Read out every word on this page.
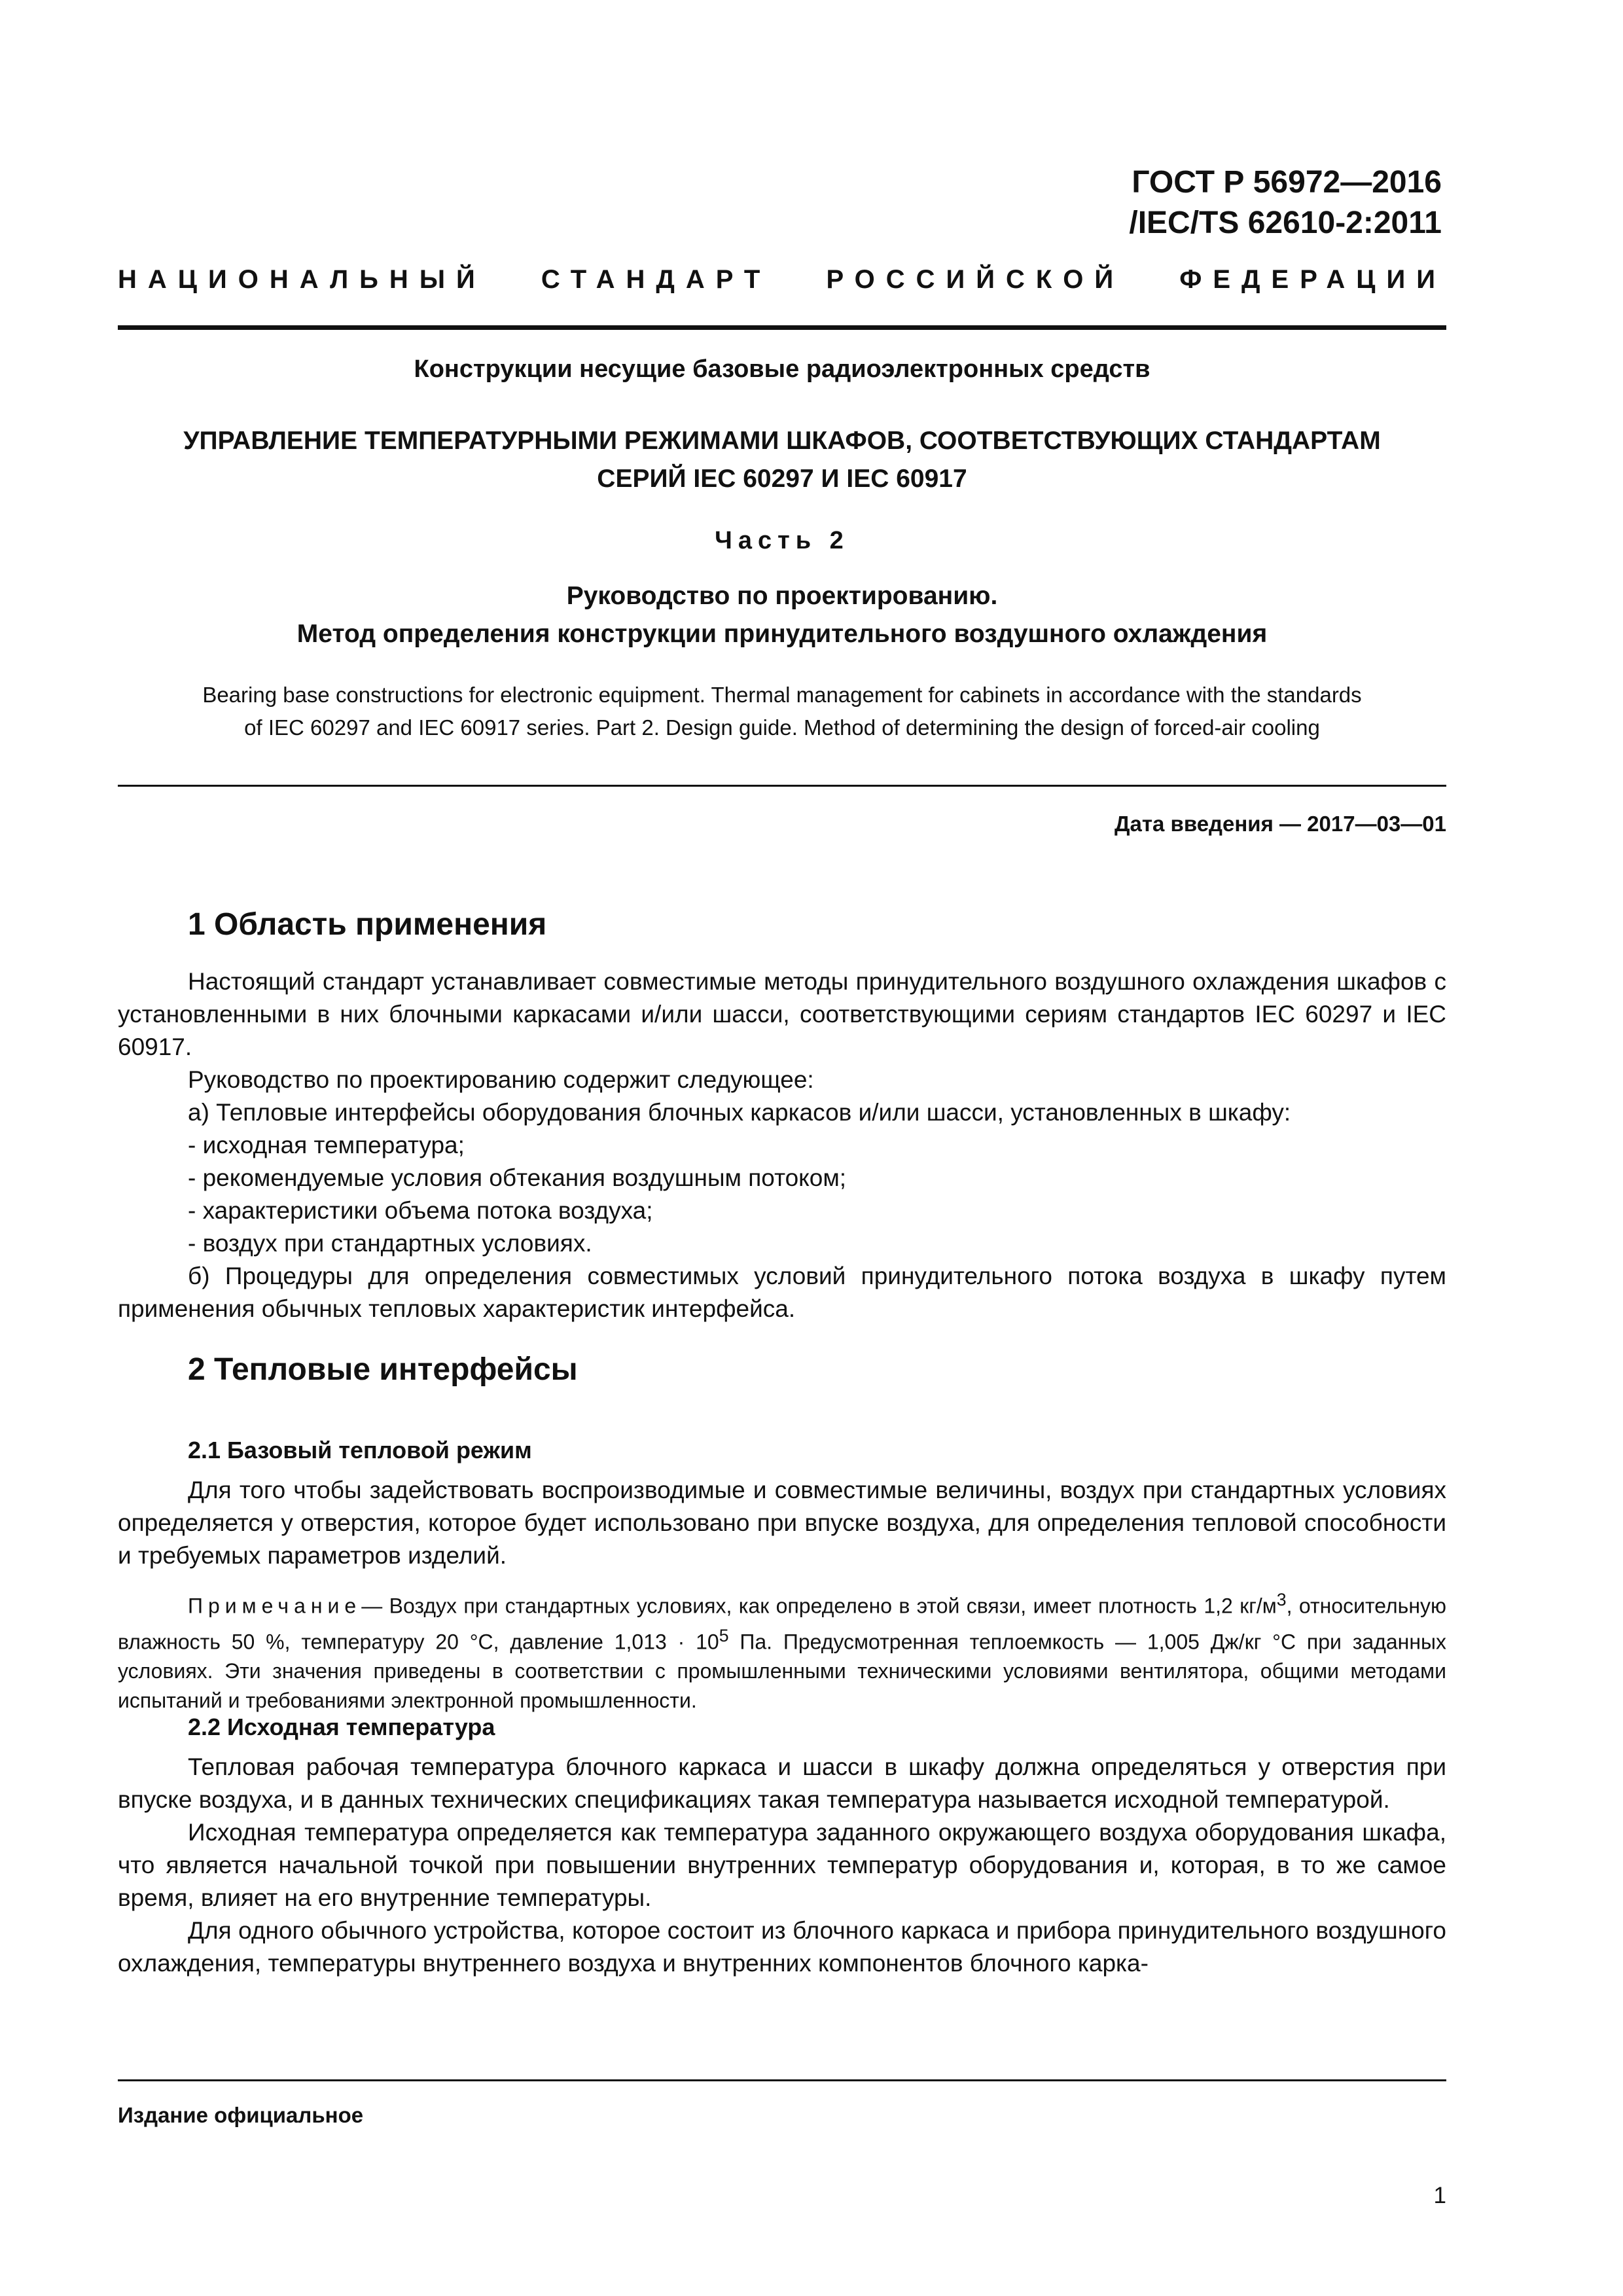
ГОСТ Р 56972—2016
/IEC/TS 62610-2:2011
НАЦИОНАЛЬНЫЙ СТАНДАРТ РОССИЙСКОЙ ФЕДЕРАЦИИ
Конструкции несущие базовые радиоэлектронных средств
УПРАВЛЕНИЕ ТЕМПЕРАТУРНЫМИ РЕЖИМАМИ ШКАФОВ, СООТВЕТСТВУЮЩИХ СТАНДАРТАМ
СЕРИЙ IEC 60297 И IEC 60917
Часть 2
Руководство по проектированию.
Метод определения конструкции принудительного воздушного охлаждения
Bearing base constructions for electronic equipment. Thermal management for cabinets in accordance with the standards
of IEC 60297 and IEC 60917 series. Part 2. Design guide. Method of determining the design of forced-air cooling
Дата введения — 2017—03—01
1 Область применения

Настоящий стандарт устанавливает совместимые методы принудительного воздушного охлаждения шкафов с установленными в них блочными каркасами и/или шасси, соответствующими сериям стандартов IEC 60297 и IEC 60917.

Руководство по проектированию содержит следующее:

а) Тепловые интерфейсы оборудования блочных каркасов и/или шасси, установленных в шкафу:

- исходная температура;

- рекомендуемые условия обтекания воздушным потоком;

- характеристики объема потока воздуха;

- воздух при стандартных условиях.

б) Процедуры для определения совместимых условий принудительного потока воздуха в шкафу путем применения обычных тепловых характеристик интерфейса.

2 Тепловые интерфейсы
2.1 Базовый тепловой режим

Для того чтобы задействовать воспроизводимые и совместимые величины, воздух при стандартных условиях определяется у отверстия, которое будет использовано при впуске воздуха, для определения тепловой способности и требуемых параметров изделий.

Примечание— Воздух при стандартных условиях, как определено в этой связи, имеет плотность 1,2 $кг/м^3$, относительную влажность 50 %, температуру 20 °С, давление $1,013 \cdot 10^5$ Па. Предусмотренная теплоемкость — 1,005 Дж/кг °С при заданных условиях. Эти значения приведены в соответствии с промышленными техническими условиями вентилятора, общими методами испытаний и требованиями электронной промышленности.

2.2 Исходная температура

Тепловая рабочая температура блочного каркаса и шасси в шкафу должна определяться у отверстия при впуске воздуха, и в данных технических спецификациях такая температура называется исходной температурой.

Исходная температура определяется как температура заданного окружающего воздуха оборудования шкафа, что является начальной точкой при повышении внутренних температур оборудования и, которая, в то же самое время, влияет на его внутренние температуры.

Для одного обычного устройства, которое состоит из блочного каркаса и прибора принудительного воздушного охлаждения, температуры внутреннего воздуха и внутренних компонентов блочного карка-

Издание официальное
1
